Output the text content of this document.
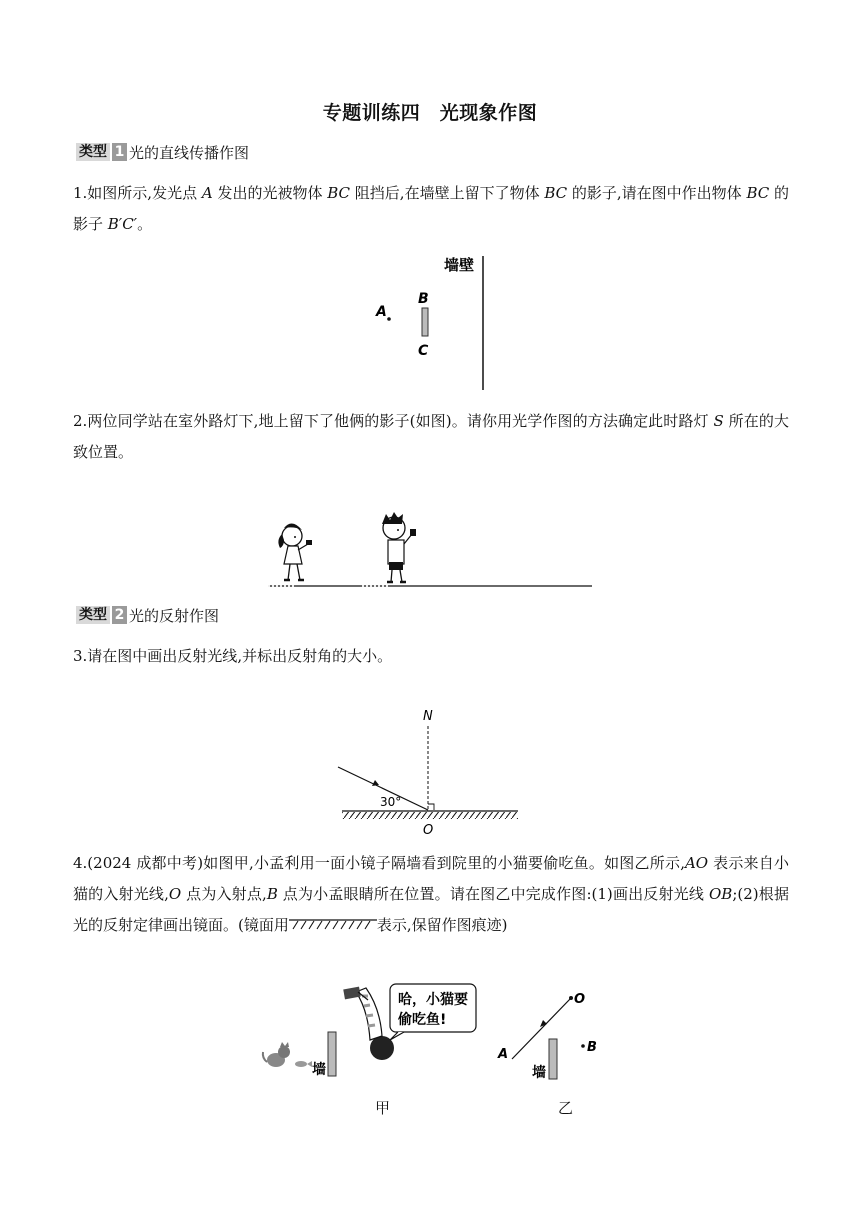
专题训练四　光现象作图
类型 1 光的直线传播作图
1.如图所示,发光点 A 发出的光被物体 BC 阻挡后,在墙壁上留下了物体 BC 的影子,请在图中作出物体 BC 的影子 B′C′。
墙壁
A
B
C
2.两位同学站在室外路灯下,地上留下了他俩的影子(如图)。请你用光学作图的方法确定此时路灯 S 所在的大致位置。
类型 2 光的反射作图
3.请在图中画出反射光线,并标出反射角的大小。
N
30°
O
4.(2024 成都中考)如图甲,小孟利用一面小镜子隔墙看到院里的小猫要偷吃鱼。如图乙所示,AO 表示来自小猫的入射光线,O 点为入射点,B 点为小孟眼睛所在位置。请在图乙中完成作图:(1)画出反射光线 OB;(2)根据光的反射定律画出镜面。(镜面用	表示,保留作图痕迹)
墙
哈，小猫要
偷吃鱼!
A
O
B
墙
甲	乙
